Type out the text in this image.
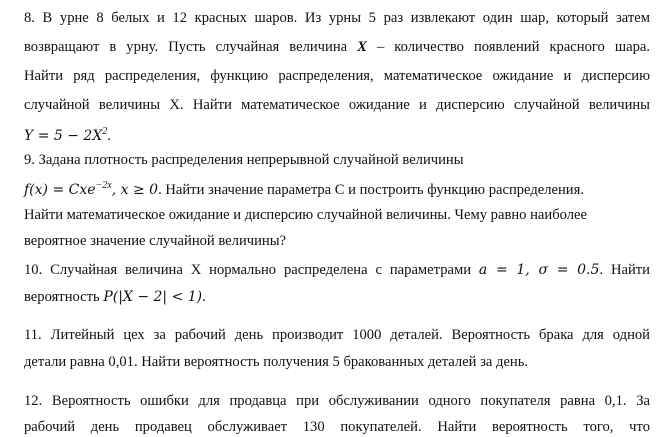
8. В урне 8 белых и 12 красных шаров. Из урны 5 раз извлекают один шар, который затем
возвращают в урну. Пусть случайная величина X – количество появлений красного шара.
Найти ряд распределения, функцию распределения, математическое ожидание и дисперсию
случайной величины X. Найти математическое ожидание и дисперсию случайной величины
$Y = 5 - 2X^2$.
9. Задана плотность распределения непрерывной случайной величины
f(x) = Cxe$^{-2x}$, x ≥ 0. Найти значение параметра С и построить функцию распределения.
Найти математическое ожидание и дисперсию случайной величины. Чему равно наиболее
вероятное значение случайной величины?
10. Случайная величина X нормально распределена с параметрами a = 1, σ = 0.5. Найти
вероятность P(|X − 2| < 1).
11. Литейный цех за рабочий день производит 1000 деталей. Вероятность брака для одной
детали равна 0,01. Найти вероятность получения 5 бракованных деталей за день.
12. Вероятность ошибки для продавца при обслуживании одного покупателя равна 0,1. За
рабочий день продавец обслуживает 130 покупателей. Найти вероятность того, что
